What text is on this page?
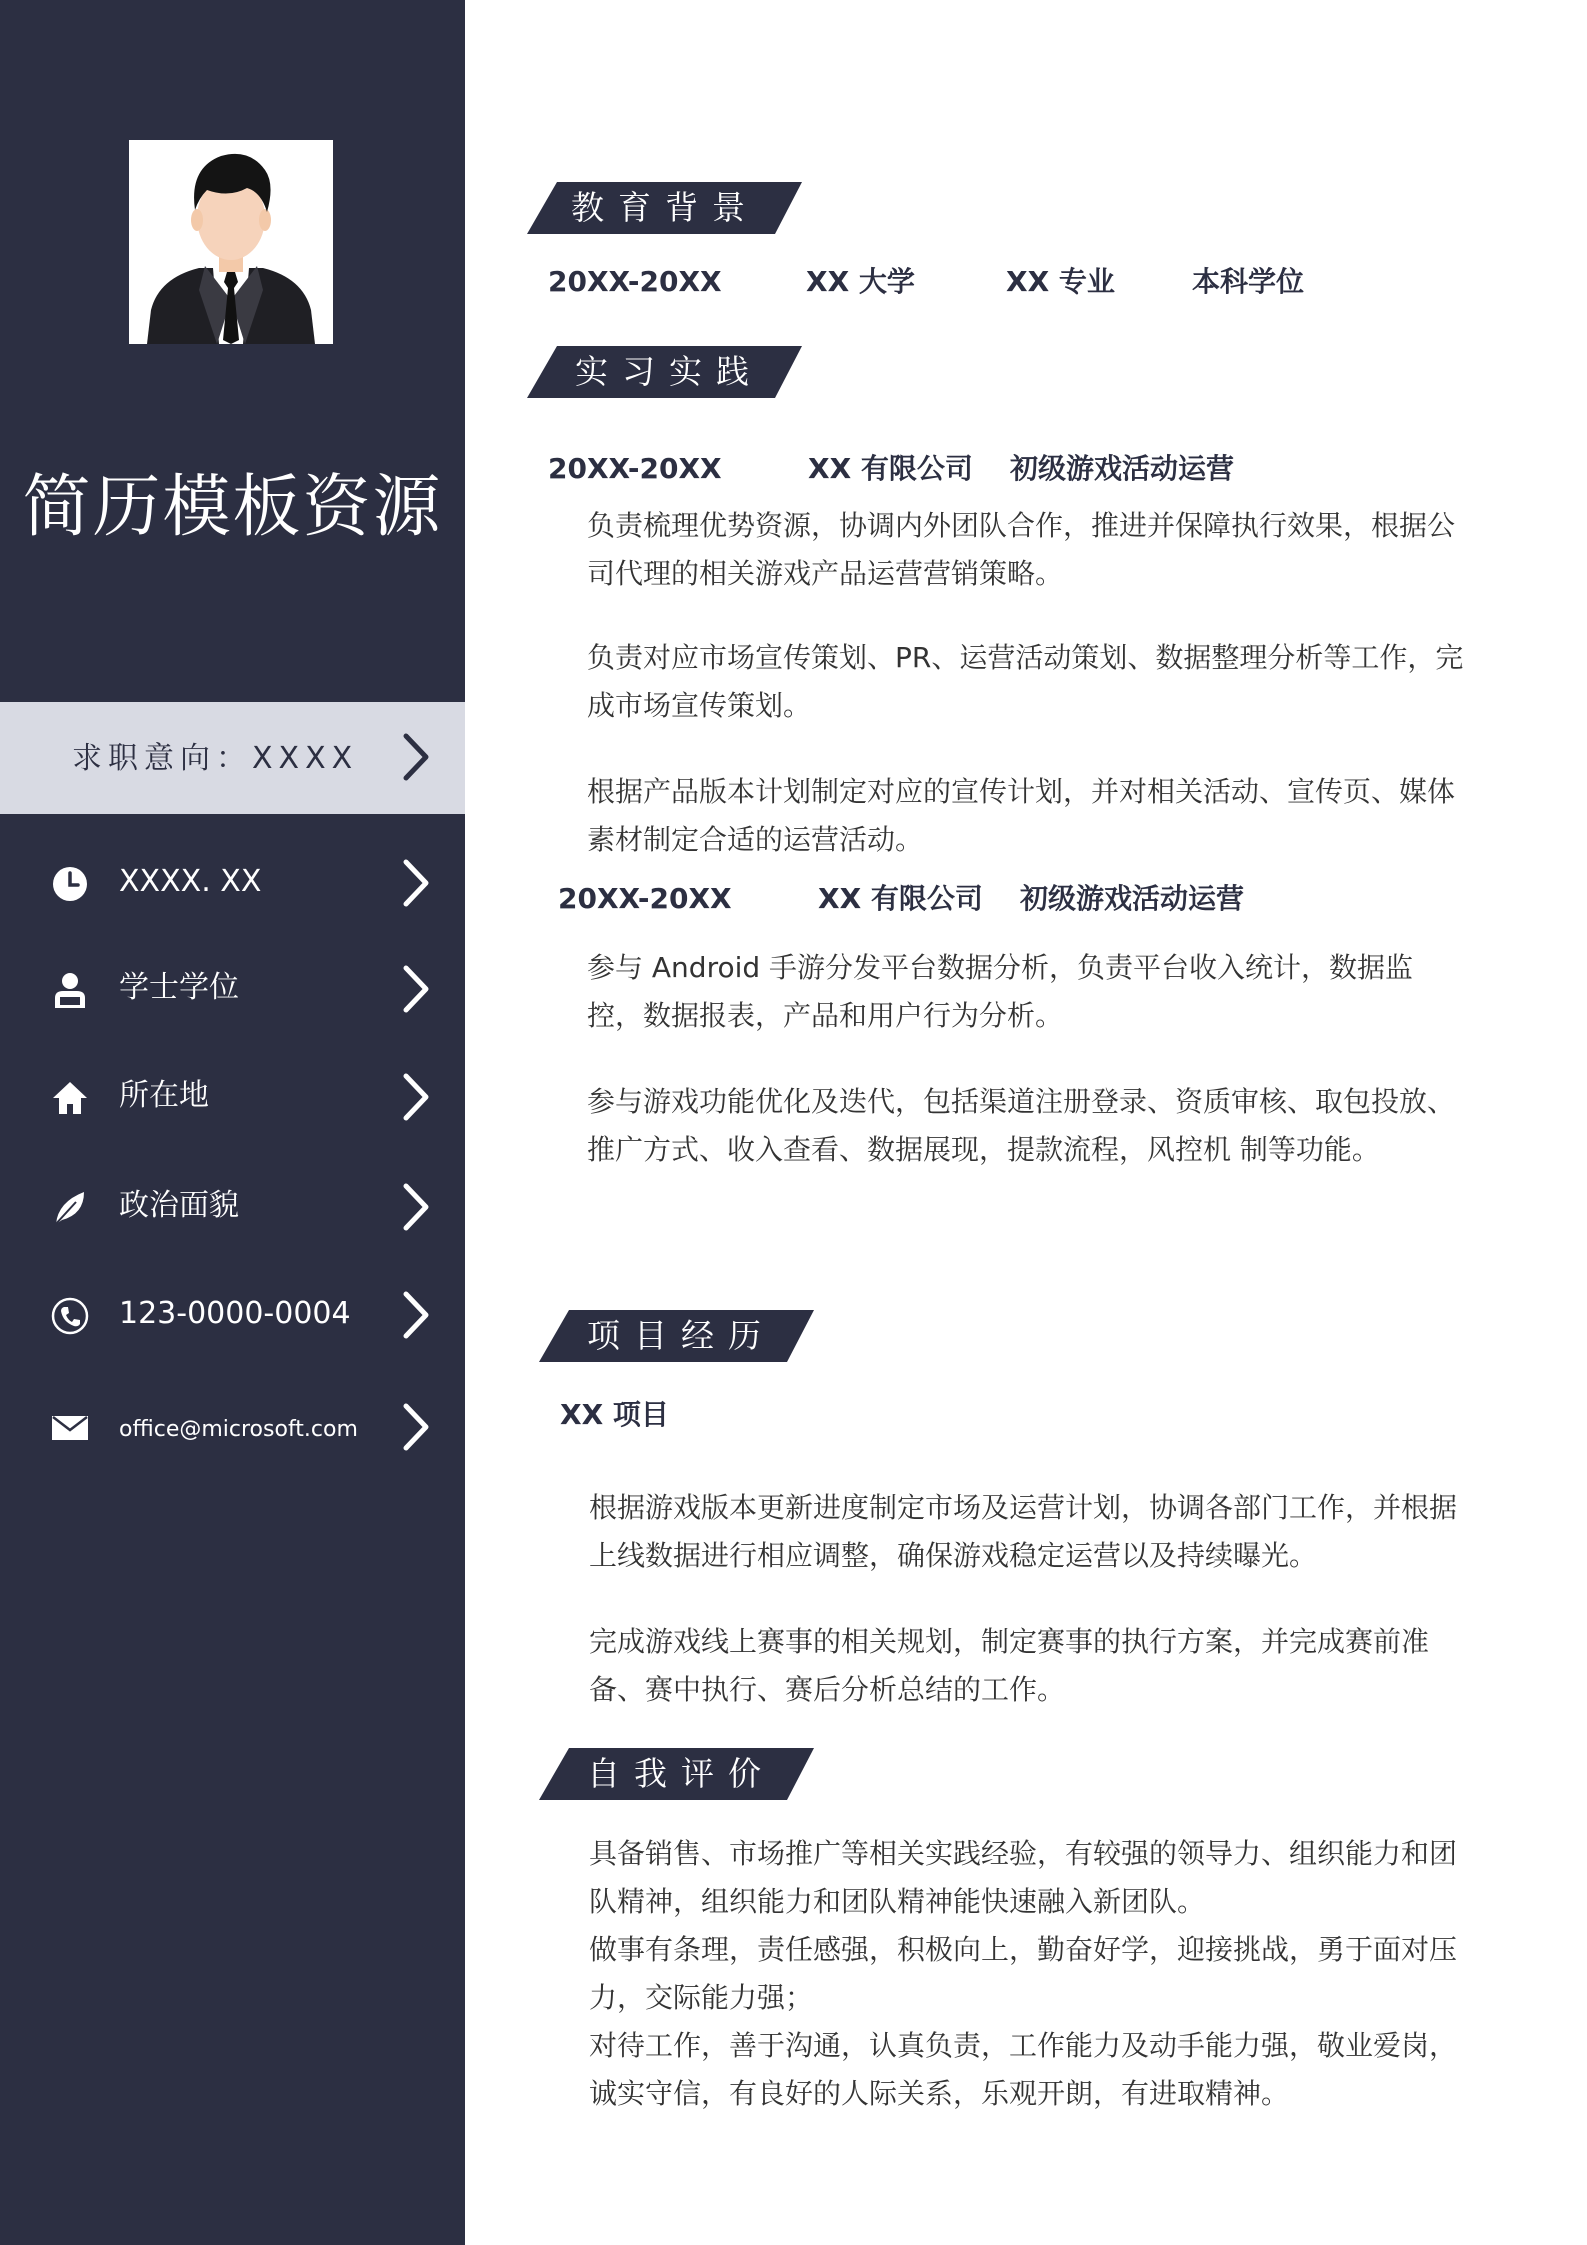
简历模板资源
求职意向：XXXX
XXXX. XX
学士学位
所在地
政治面貌
123-0000-0004
office@microsoft.com
教育背景
20XX-20XX	XX 大学	XX 专业	本科学位
实习实践
20XX-20XX	XX 有限公司 初级游戏活动运营
负责梳理优势资源，协调内外团队合作，推进并保障执行效果，根据公司代理的相关游戏产品运营营销策略。
负责对应市场宣传策划、PR、运营活动策划、数据整理分析等工作，完成市场宣传策划。
根据产品版本计划制定对应的宣传计划，并对相关活动、宣传页、媒体素材制定合适的运营活动。
20XX-20XX	XX 有限公司 初级游戏活动运营
参与 Android 手游分发平台数据分析，负责平台收入统计，数据监控，数据报表，产品和用户行为分析。
参与游戏功能优化及迭代，包括渠道注册登录、资质审核、取包投放、推广方式、收入查看、数据展现，提款流程，风控机 制等功能。
项目经历
XX 项目
根据游戏版本更新进度制定市场及运营计划，协调各部门工作，并根据上线数据进行相应调整，确保游戏稳定运营以及持续曝光。
完成游戏线上赛事的相关规划，制定赛事的执行方案，并完成赛前准备、赛中执行、赛后分析总结的工作。
自我评价
具备销售、市场推广等相关实践经验，有较强的领导力、组织能力和团队精神，组织能力和团队精神能快速融入新团队。
做事有条理，责任感强，积极向上，勤奋好学，迎接挑战，勇于面对压力，交际能力强；
对待工作，善于沟通，认真负责，工作能力及动手能力强，敬业爱岗，诚实守信，有良好的人际关系，乐观开朗，有进取精神。
